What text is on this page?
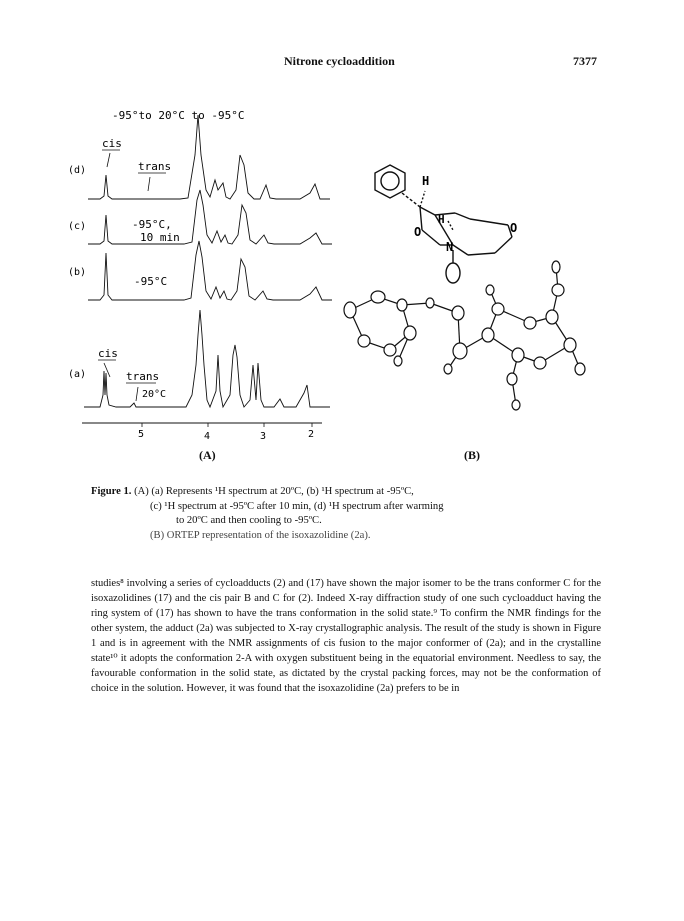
Nitrone cycloaddition	7377
-95°to 20°C to -95°C
(d)
cis
trans
(c)	-95°C,
10 min
(b)
-95°C
(a)
cis
trans
20°C
5	4	3	2
H
H
O	O
N
(A)	(B)
Figure 1. (A) (a) Represents ¹H spectrum at 20ºC, (b) ¹H spectrum at -95ºC,
(c) ¹H spectrum at -95ºC after 10 min, (d) ¹H spectrum after warming
to 20ºC and then cooling to -95ºC.
(B) ORTEP representation of the isoxazolidine (2a).

studies⁸ involving a series of cycloadducts (2) and (17) have shown the major isomer to be the trans conformer C for the isoxazolidines (17) and the cis pair B and C for (2). Indeed X-ray diffraction study of one such cycloadduct having the ring system of (17) has shown to have the trans conformation in the solid state.⁹ To confirm the NMR findings for the other system, the adduct (2a) was subjected to X-ray crystallographic analysis. The result of the study is shown in Figure 1 and is in agreement with the NMR assignments of cis fusion to the major conformer of (2a); and in the crystalline state¹⁰ it adopts the conformation 2-A with oxygen substituent being in the equatorial environment. Needless to say, the favourable conformation in the solid state, as dictated by the crystal packing forces, may not be the conformation of choice in the solution. However, it was found that the isoxazolidine (2a) prefers to be in
